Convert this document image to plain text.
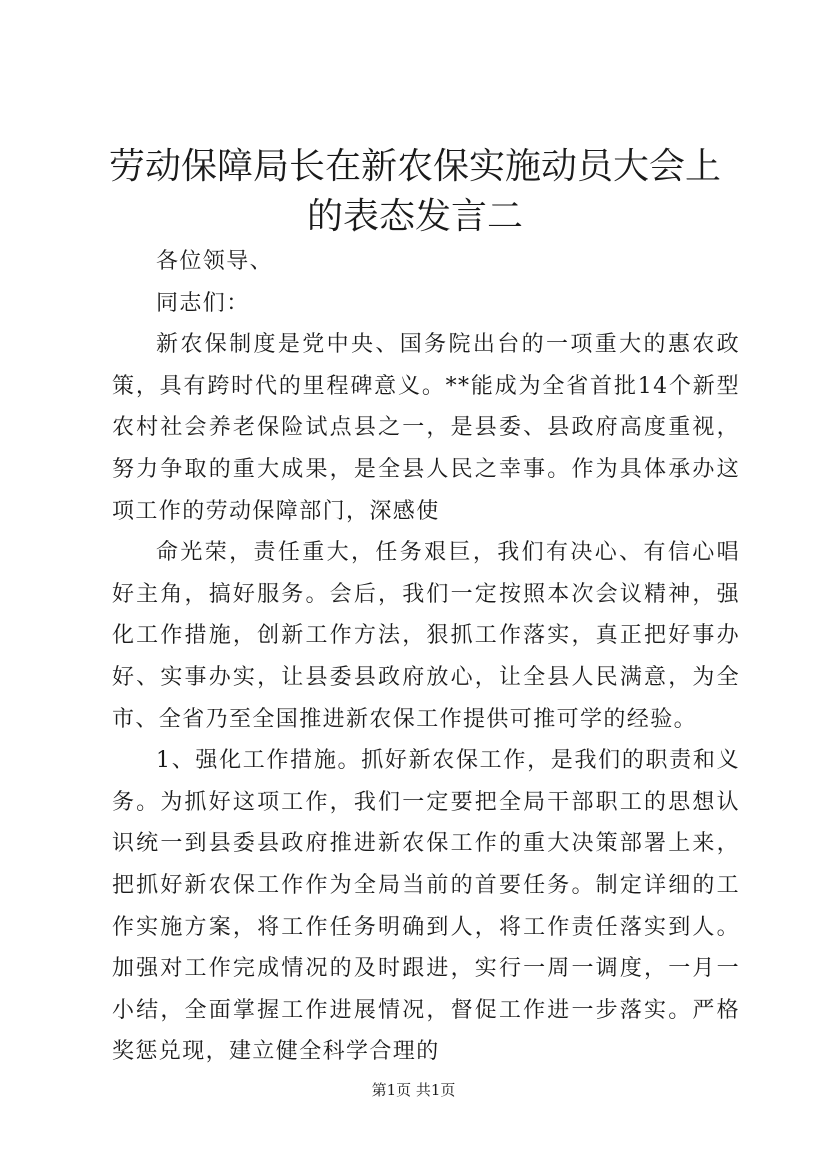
劳动保障局长在新农保实施动员大会上的表态发言二

各位领导、

同志们：

新农保制度是党中央、国务院出台的一项重大的惠农政策，具有跨时代的里程碑意义。**能成为全省首批14个新型农村社会养老保险试点县之一，是县委、县政府高度重视，努力争取的重大成果，是全县人民之幸事。作为具体承办这项工作的劳动保障部门，深感使

命光荣，责任重大，任务艰巨，我们有决心、有信心唱好主角，搞好服务。会后，我们一定按照本次会议精神，强化工作措施，创新工作方法，狠抓工作落实，真正把好事办好、实事办实，让县委县政府放心，让全县人民满意，为全市、全省乃至全国推进新农保工作提供可推可学的经验。

1、强化工作措施。抓好新农保工作，是我们的职责和义务。为抓好这项工作，我们一定要把全局干部职工的思想认识统一到县委县政府推进新农保工作的重大决策部署上来，把抓好新农保工作作为全局当前的首要任务。制定详细的工作实施方案，将工作任务明确到人，将工作责任落实到人。加强对工作完成情况的及时跟进，实行一周一调度，一月一小结，全面掌握工作进展情况，督促工作进一步落实。严格奖惩兑现，建立健全科学合理的

第1页 共1页
